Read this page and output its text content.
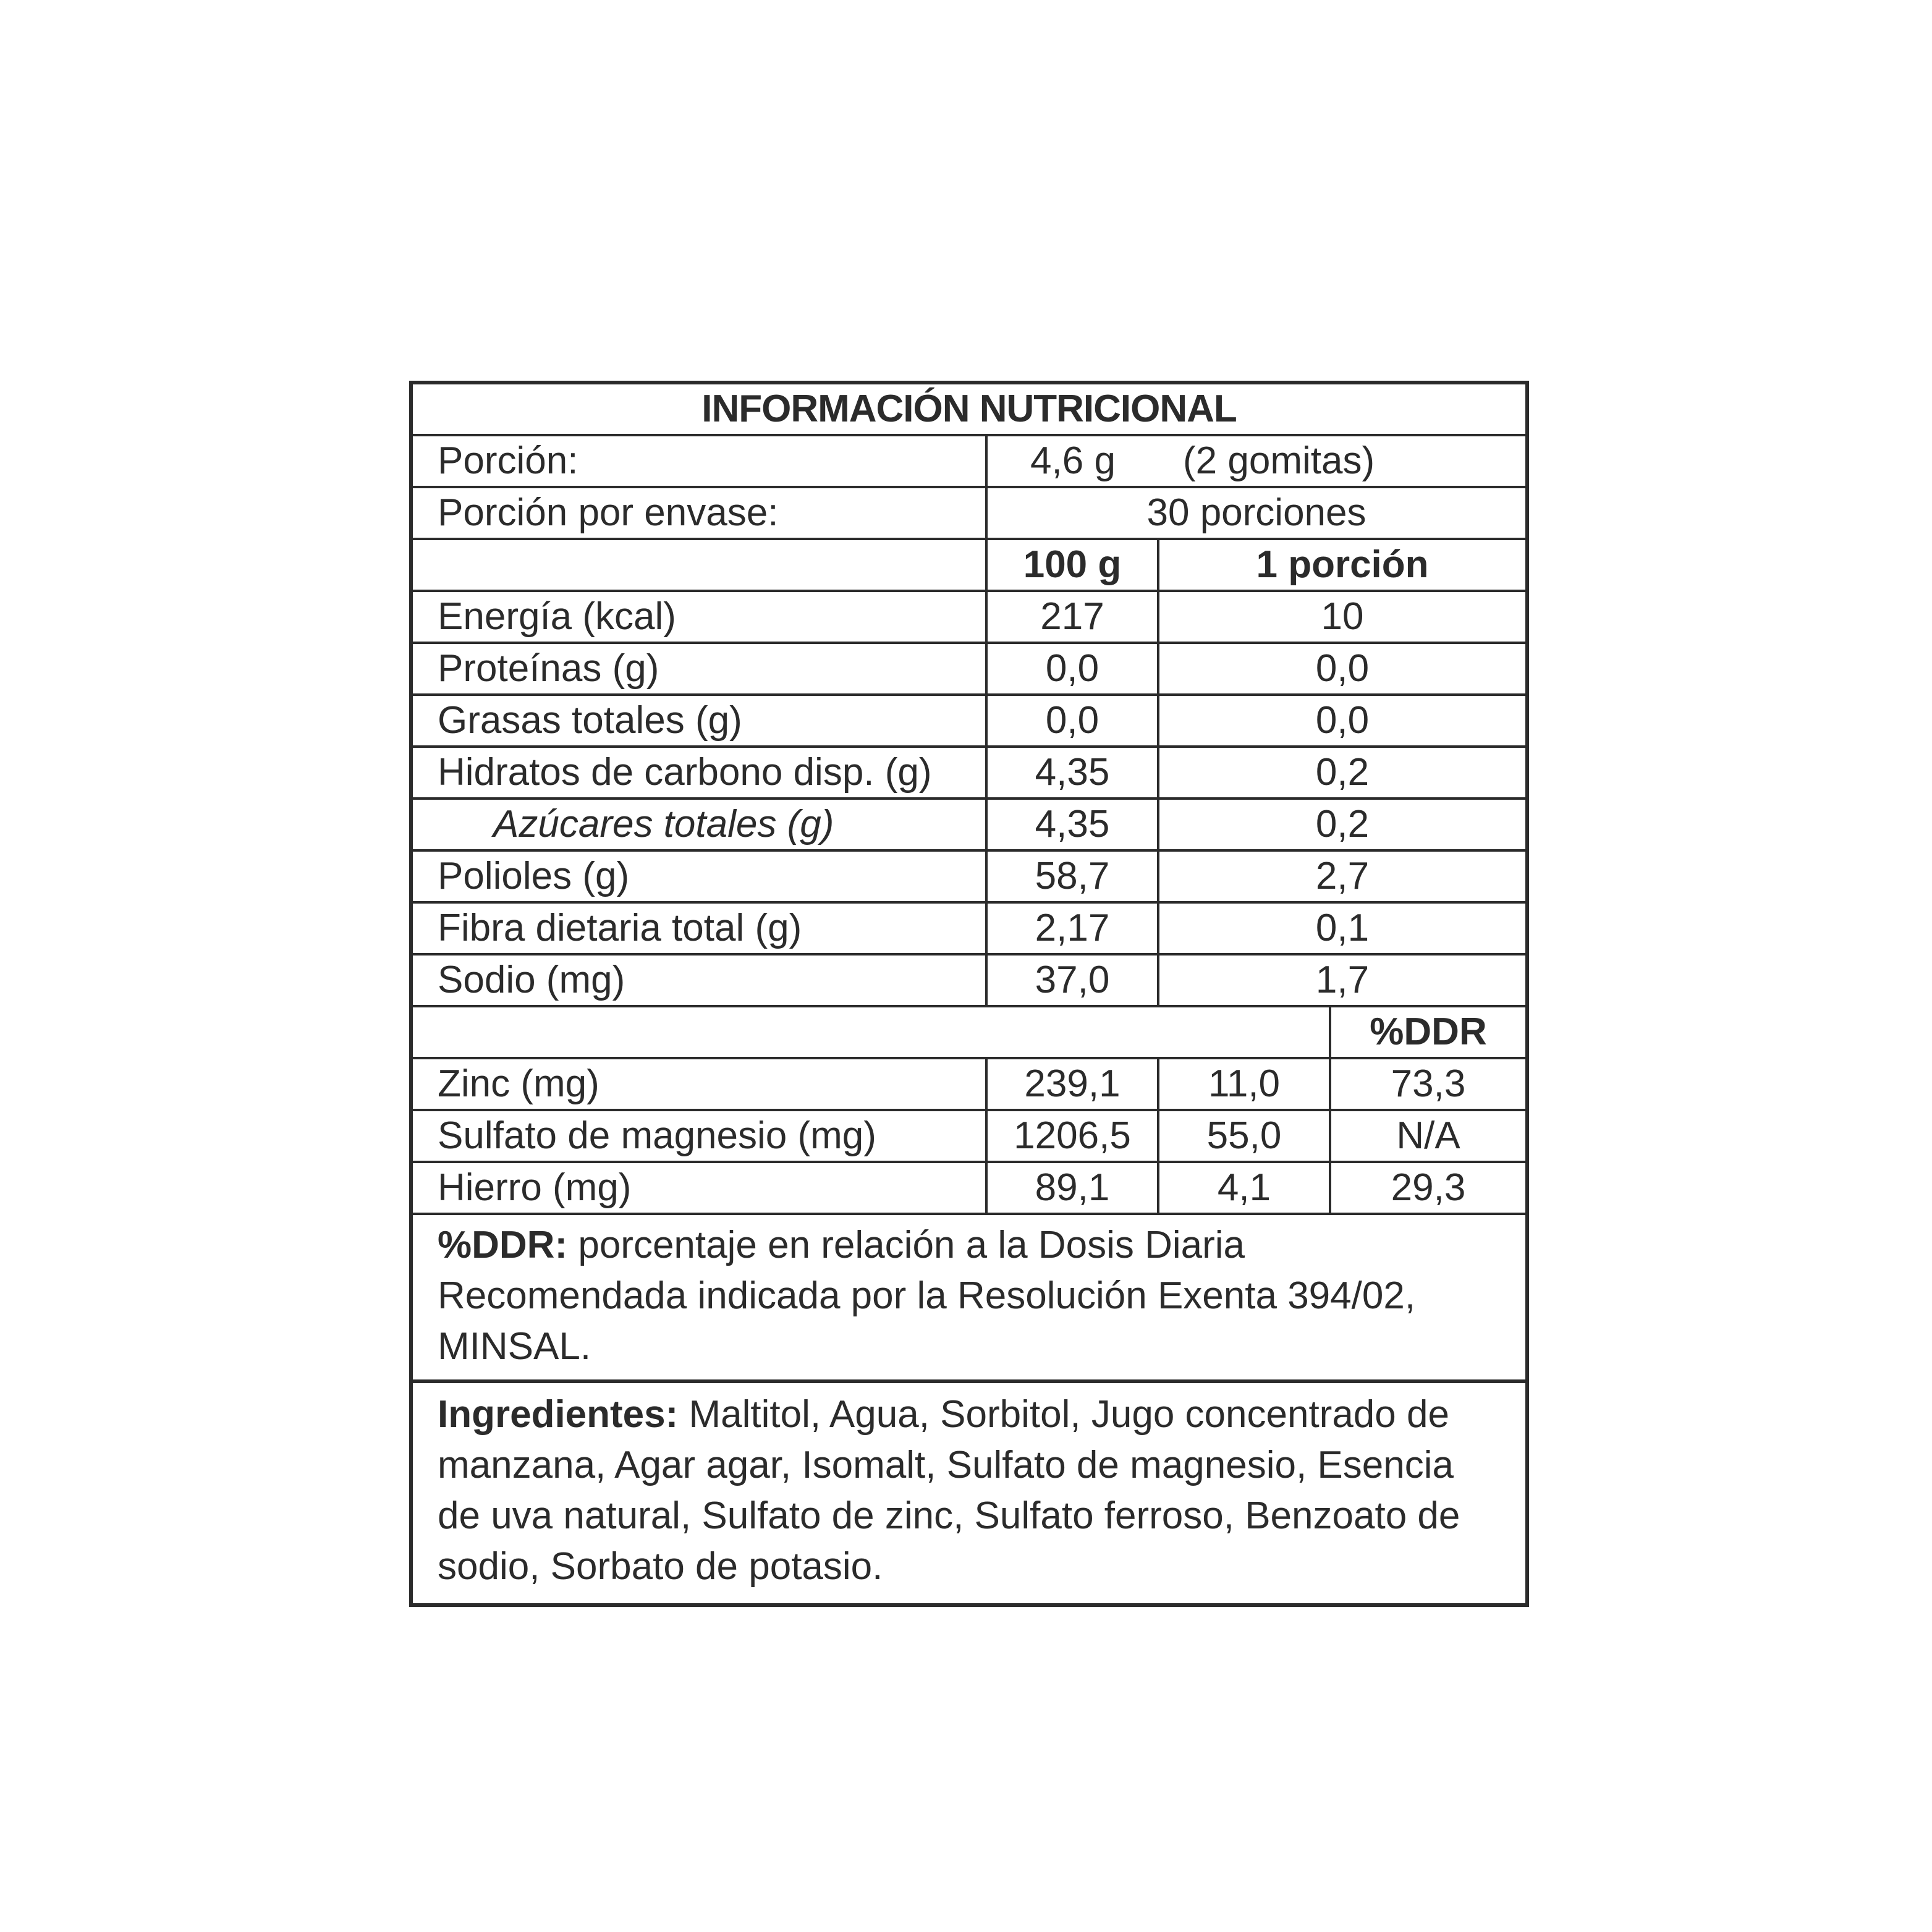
INFORMACIÓN NUTRICIONAL			
Porción:	4,6 g	(2 gomitas)	
Porción por envase:	30 porciones		
	100 g	1 porción	
Energía (kcal)	217	10	
Proteínas (g)	0,0	0,0	
Grasas totales (g)	0,0	0,0	
Hidratos de carbono disp. (g)	4,35	0,2	
Azúcares totales (g)	4,35	0,2	
Polioles (g)	58,7	2,7	
Fibra dietaria total (g)	2,17	0,1	
Sodio (mg)	37,0	1,7	
			%DDR
Zinc (mg)	239,1	11,0	73,3
Sulfato de magnesio (mg)	1206,5	55,0	N/A
Hierro (mg)	89,1	4,1	29,3
%DDR: porcentaje en relación a la Dosis Diaria Recomendada indicada por la Resolución Exenta 394/02, MINSAL.
Ingredientes: Maltitol, Agua, Sorbitol, Jugo concentrado de manzana, Agar agar, Isomalt, Sulfato de magnesio, Esencia de uva natural, Sulfato de zinc, Sulfato ferroso, Benzoato de sodio, Sorbato de potasio.
